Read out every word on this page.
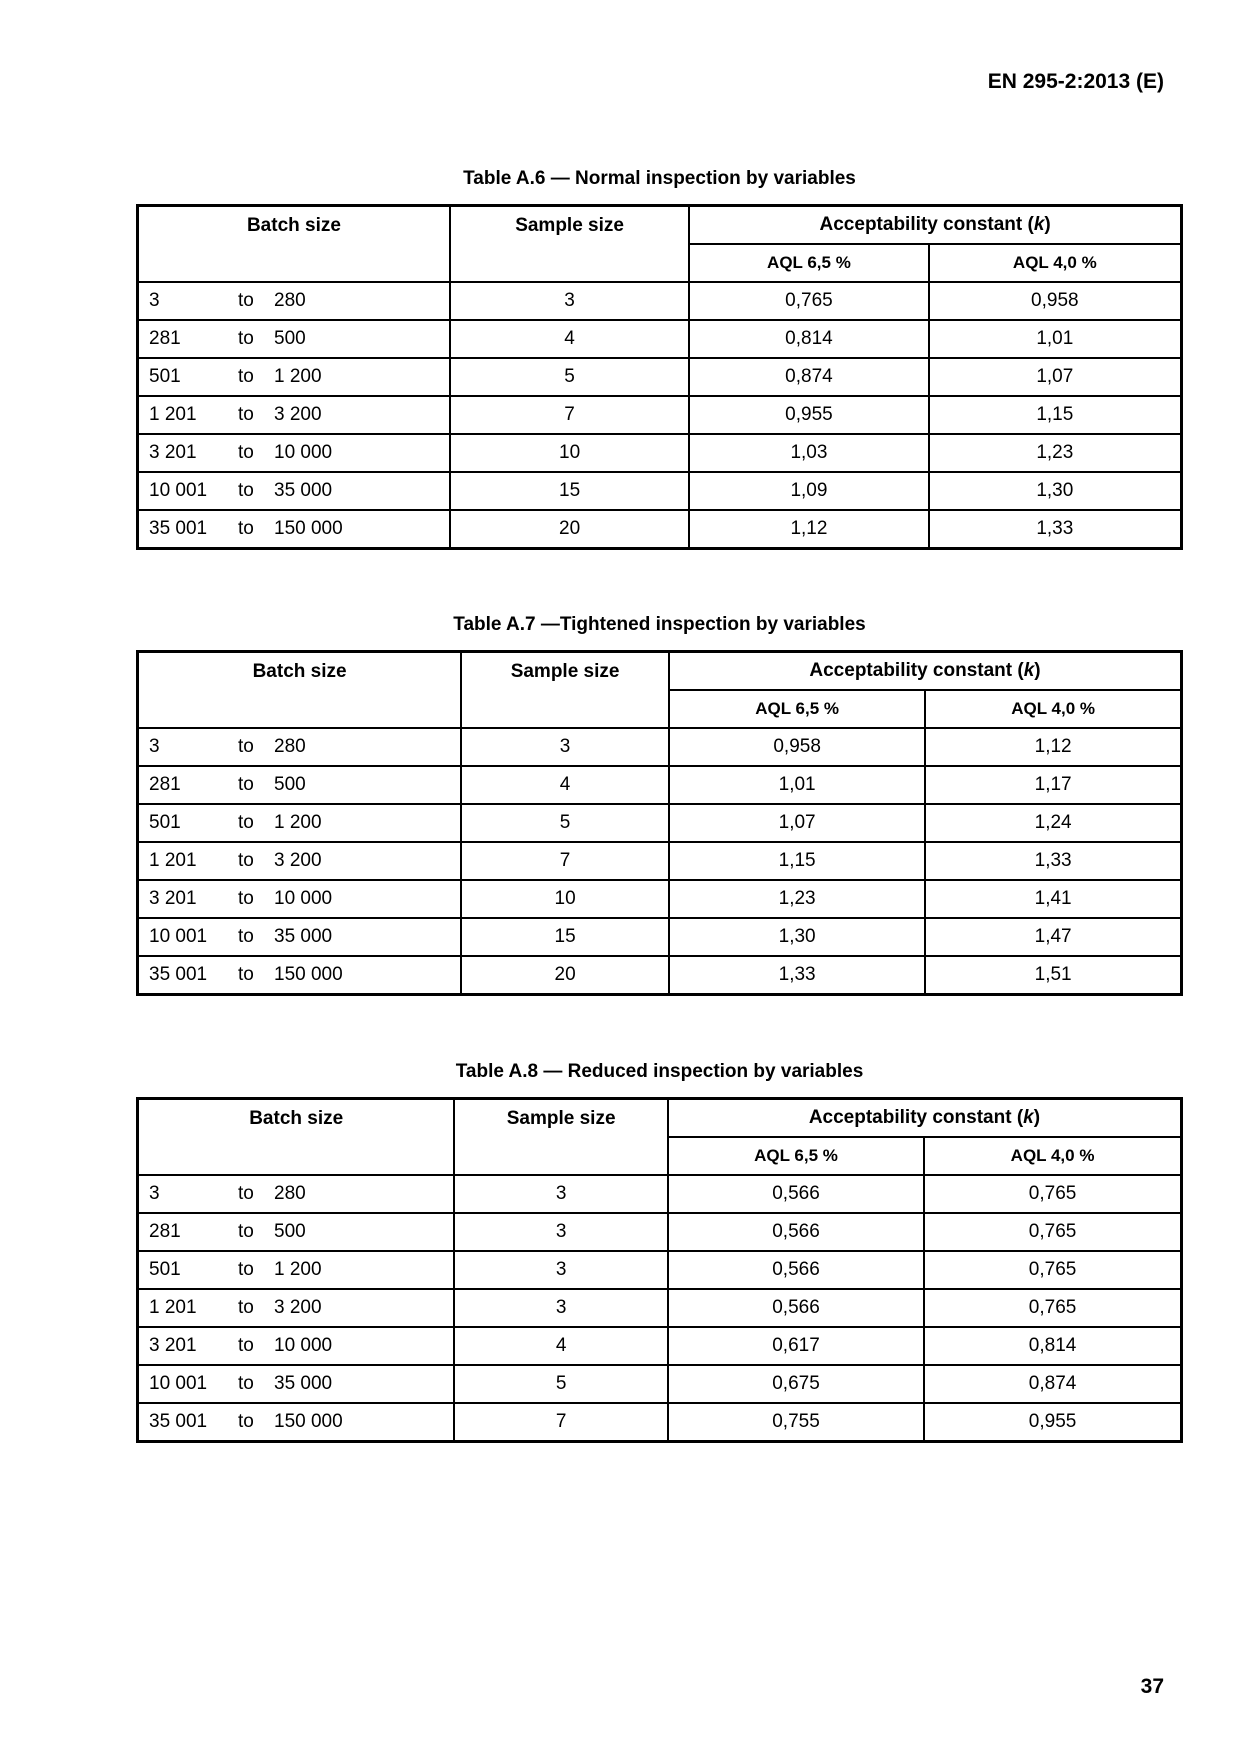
EN 295-2:2013 (E)
Table A.6 — Normal inspection by variables
Batch size	Sample size	Acceptability constant (k)	
		AQL 6,5 %	AQL 4,0 %
3 to 280	3	0,765	0,958
281 to 500	4	0,814	1,01
501 to 1 200	5	0,874	1,07
1 201 to 3 200	7	0,955	1,15
3 201 to 10 000	10	1,03	1,23
10 001 to 35 000	15	1,09	1,30
35 001 to 150 000	20	1,12	1,33
Table A.7 —Tightened inspection by variables
Batch size	Sample size	Acceptability constant (k)	
		AQL 6,5 %	AQL 4,0 %
3 to 280	3	0,958	1,12
281 to 500	4	1,01	1,17
501 to 1 200	5	1,07	1,24
1 201 to 3 200	7	1,15	1,33
3 201 to 10 000	10	1,23	1,41
10 001 to 35 000	15	1,30	1,47
35 001 to 150 000	20	1,33	1,51
Table A.8 — Reduced inspection by variables
Batch size	Sample size	Acceptability constant (k)	
		AQL 6,5 %	AQL 4,0 %
3 to 280	3	0,566	0,765
281 to 500	3	0,566	0,765
501 to 1 200	3	0,566	0,765
1 201 to 3 200	3	0,566	0,765
3 201 to 10 000	4	0,617	0,814
10 001 to 35 000	5	0,675	0,874
35 001 to 150 000	7	0,755	0,955
37
